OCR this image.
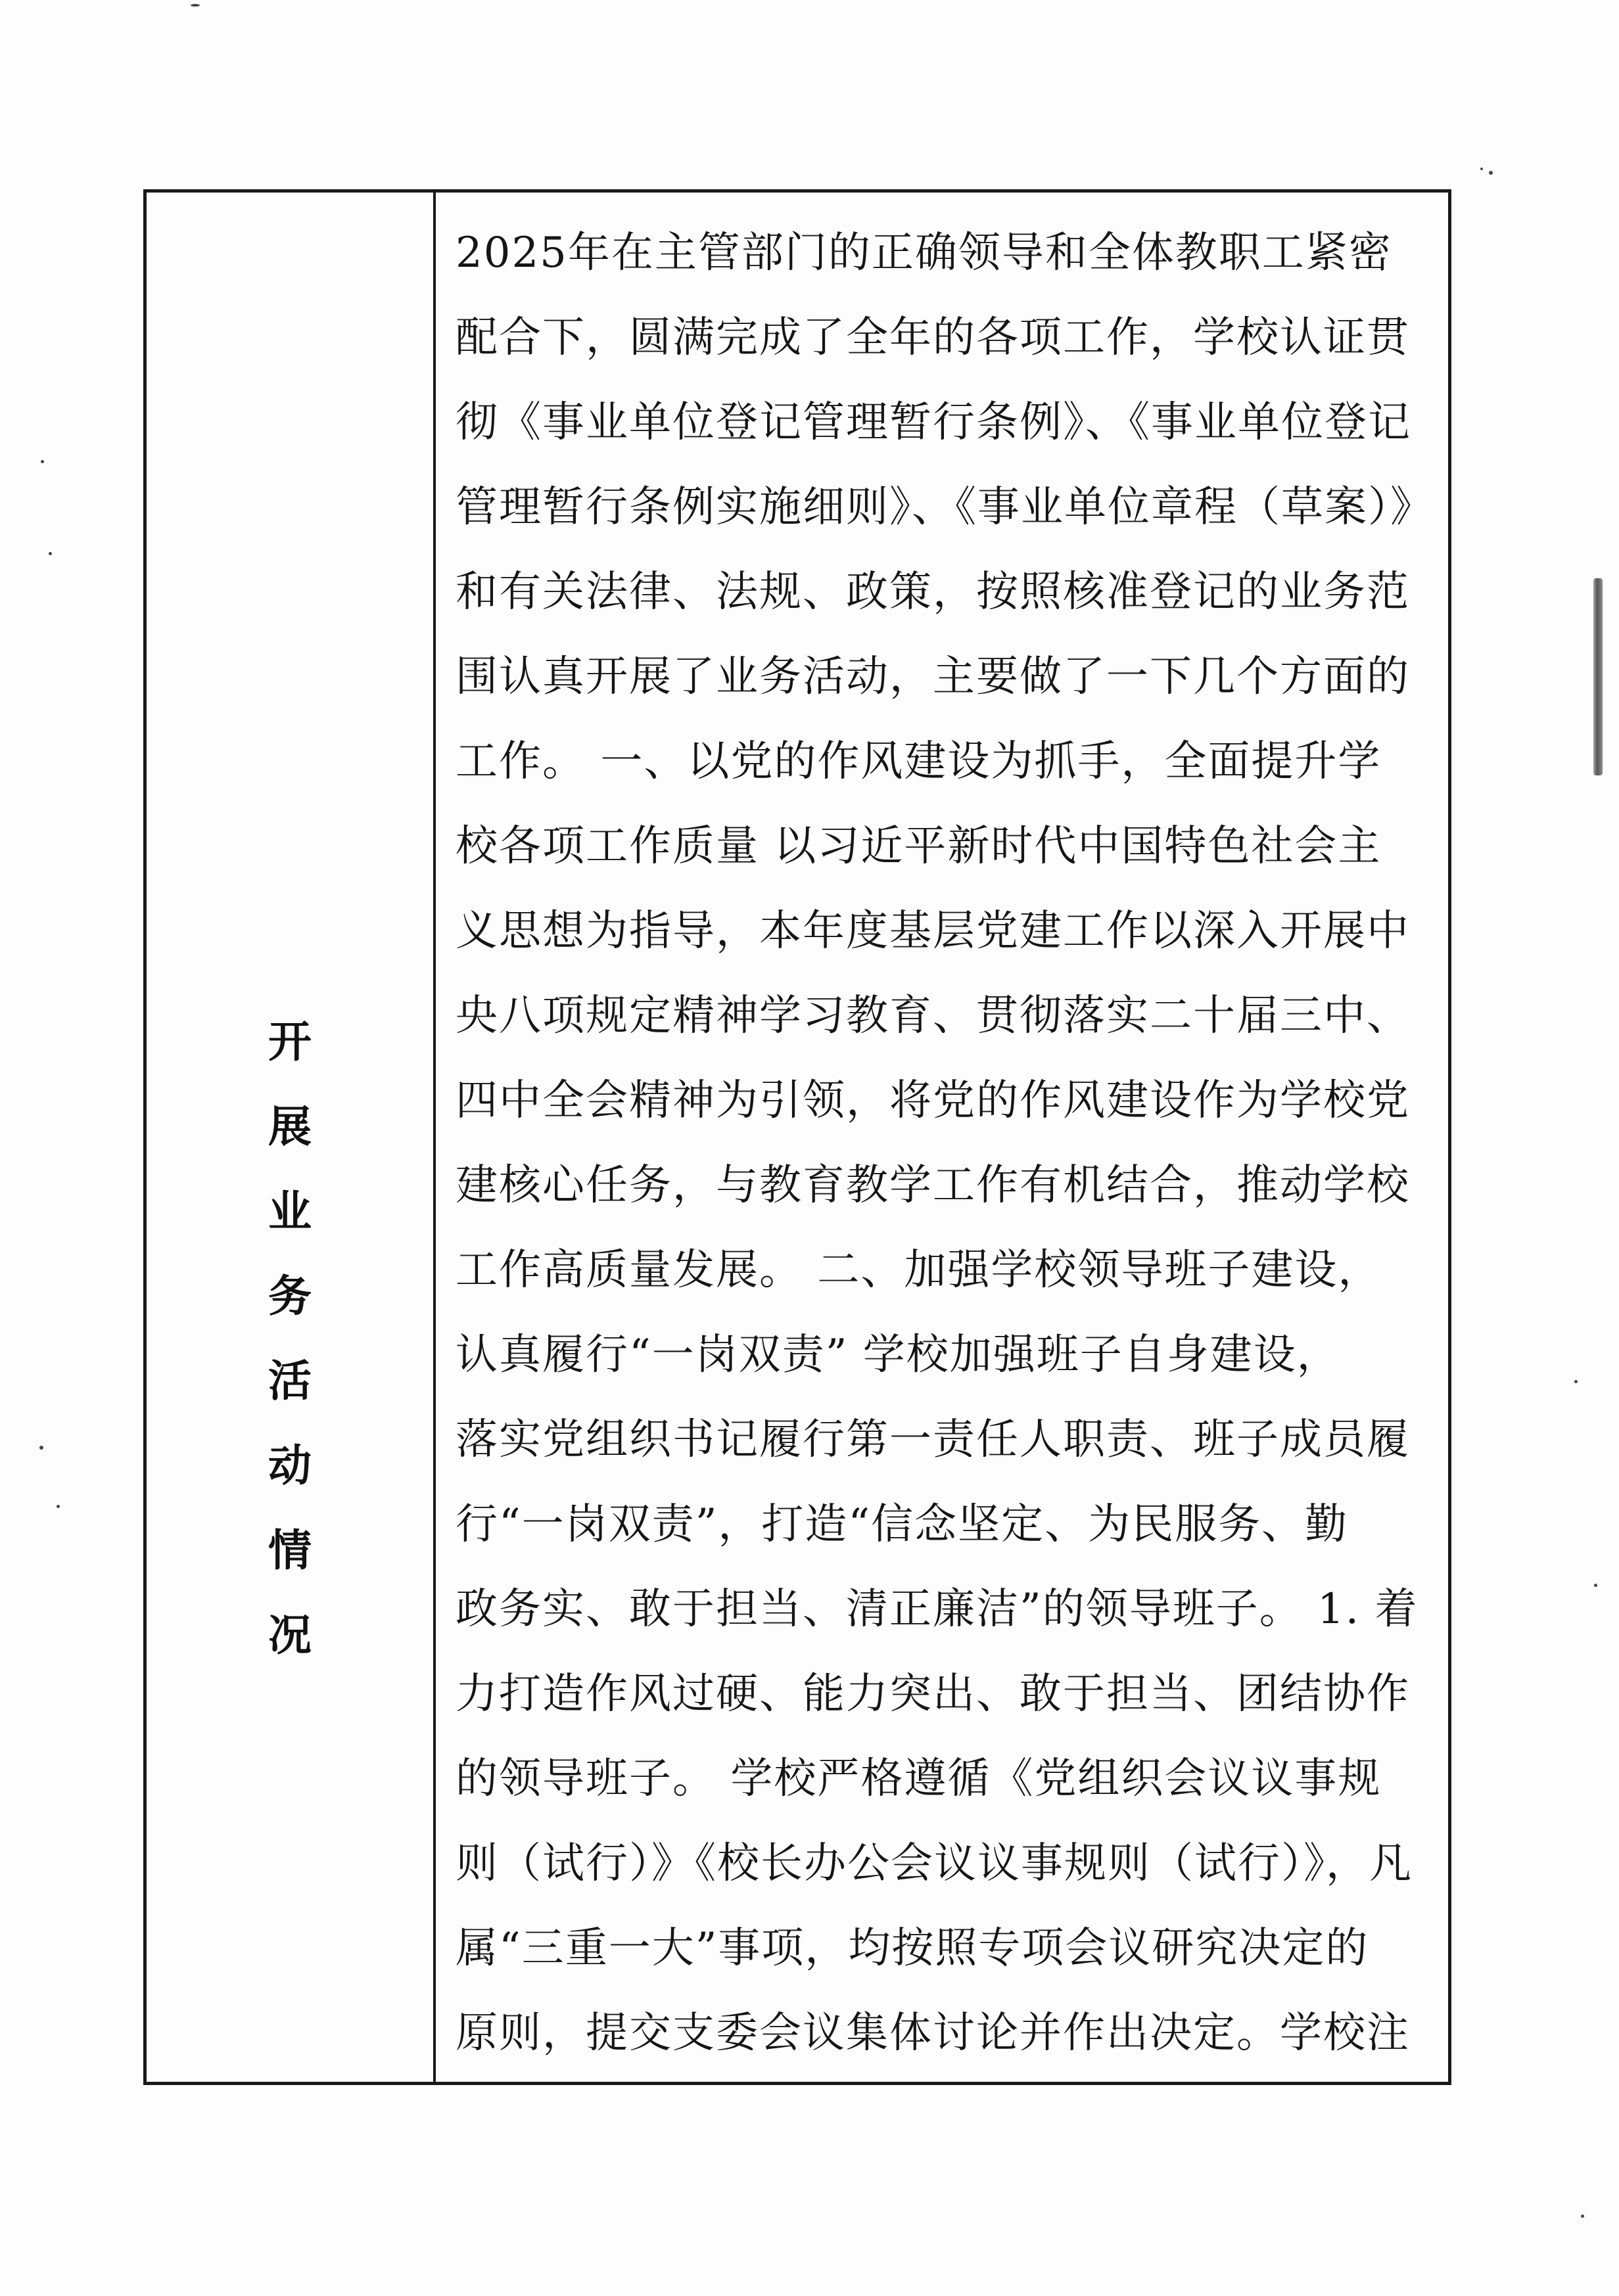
开
展
业
务
活
动
情
况
2025年在主管部门的正确领导和全体教职工紧密
配合下，圆满完成了全年的各项工作，学校认证贯
彻《事业单位登记管理暂行条例》、《事业单位登记
管理暂行条例实施细则》、《事业单位章程（草案）》
和有关法律、法规、政策，按照核准登记的业务范
围认真开展了业务活动，主要做了一下几个方面的
工作。 一、以党的作风建设为抓手，全面提升学
校各项工作质量 以习近平新时代中国特色社会主
义思想为指导，本年度基层党建工作以深入开展中
央八项规定精神学习教育、贯彻落实二十届三中、
四中全会精神为引领，将党的作风建设作为学校党
建核心任务，与教育教学工作有机结合，推动学校
工作高质量发展。 二、加强学校领导班子建设，
认真履行“一岗双责” 学校加强班子自身建设，
落实党组织书记履行第一责任人职责、班子成员履
行“一岗双责”，打造“信念坚定、为民服务、勤
政务实、敢于担当、清正廉洁”的领导班子。 1. 着
力打造作风过硬、能力突出、敢于担当、团结协作
的领导班子。 学校严格遵循《党组织会议议事规
则（试行）》《校长办公会议议事规则（试行）》，凡
属“三重一大”事项，均按照专项会议研究决定的
原则，提交支委会议集体讨论并作出决定。学校注
